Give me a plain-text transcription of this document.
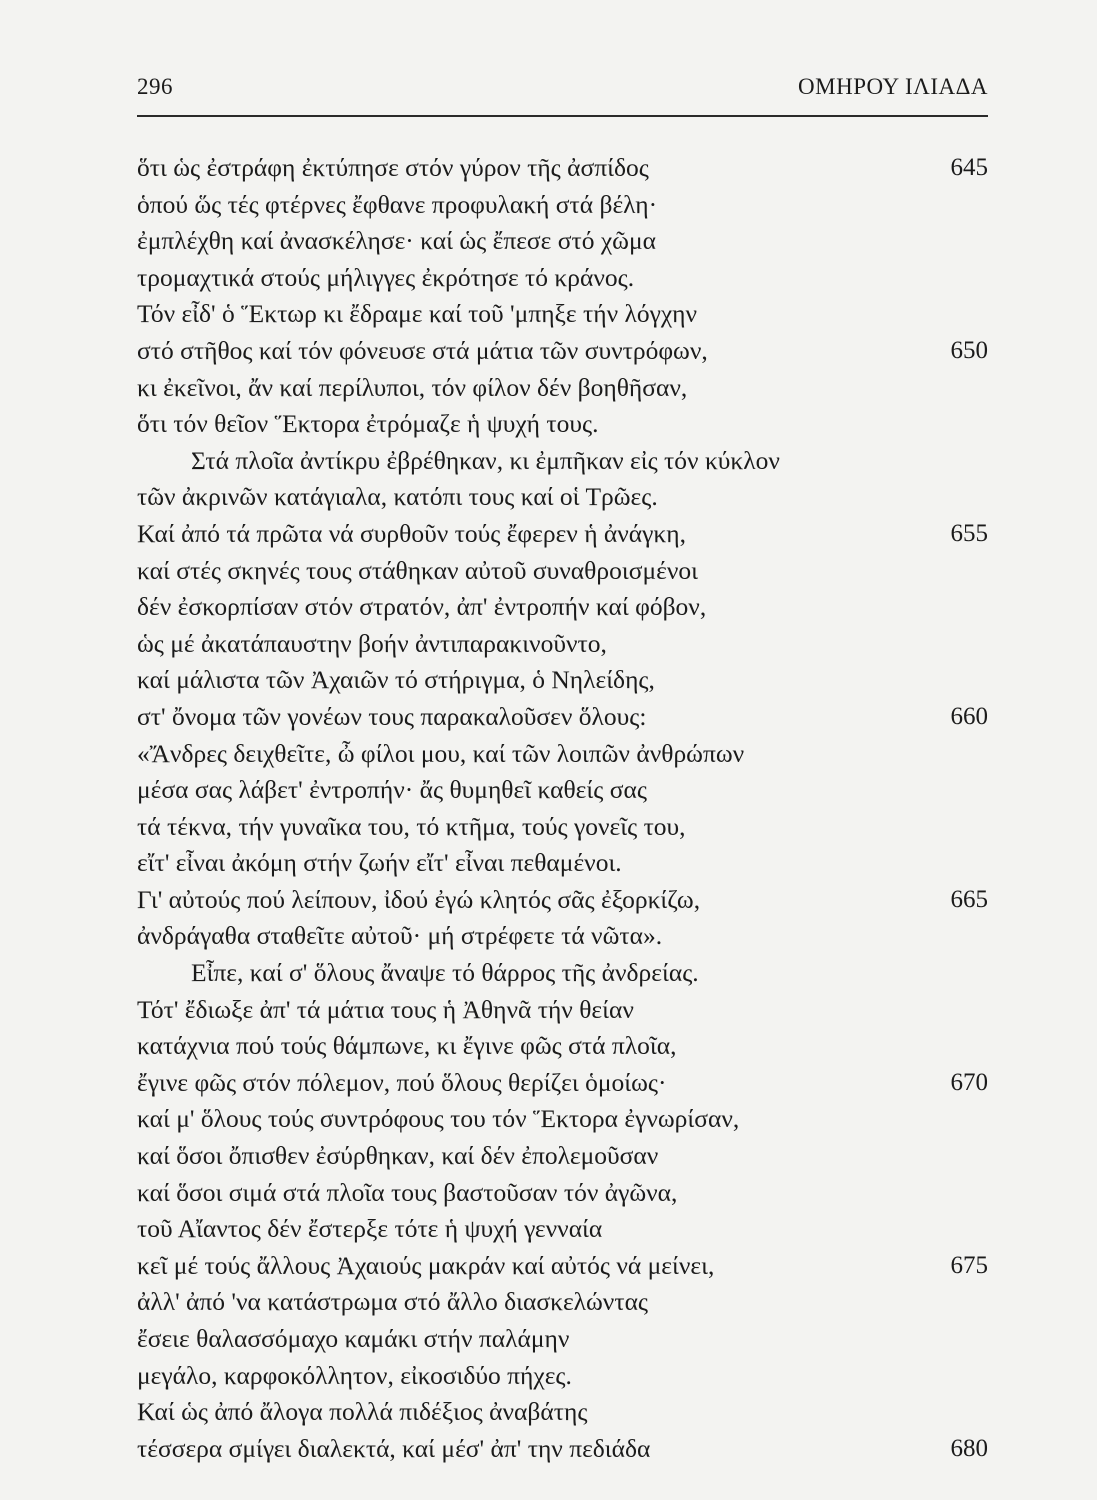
296	ΟΜΗΡΟΥ ΙΛΙΑΔΑ
ὅτι ὡς ἐστράφη ἐκτύπησε στόν γύρον τῆς ἀσπίδος	645
ὁπού ὥς τές φτέρνες ἔφθανε προφυλακή στά βέλη·
ἐμπλέχθη καί ἀνασκέλησε· καί ὡς ἔπεσε στό χῶμα
τρομαχτικά στούς μήλιγγες ἐκρότησε τό κράνος.
Τόν εἶδ' ὁ Ἕκτωρ κι ἔδραμε καί τοῦ 'μπηξε τήν λόγχην
στό στῆθος καί τόν φόνευσε στά μάτια τῶν συντρόφων,	650
κι ἐκεῖνοι, ἄν καί περίλυποι, τόν φίλον δέν βοηθῆσαν,
ὅτι τόν θεῖον Ἕκτορα ἐτρόμαζε ἡ ψυχή τους.
Στά πλοῖα ἀντίκρυ ἐβρέθηκαν, κι ἐμπῆκαν εἰς τόν κύκλον
τῶν ἀκρινῶν κατάγιαλα, κατόπι τους καί οἱ Τρῶες.
Καί ἀπό τά πρῶτα νά συρθοῦν τούς ἔφερεν ἡ ἀνάγκη,	655
καί στές σκηνές τους στάθηκαν αὐτοῦ συναθροισμένοι
δέν ἐσκορπίσαν στόν στρατόν, ἀπ' ἐντροπήν καί φόβον,
ὡς μέ ἀκατάπαυστην βοήν ἀντιπαρακινοῦντο,
καί μάλιστα τῶν Ἀχαιῶν τό στήριγμα, ὁ Νηλείδης,
στ' ὄνομα τῶν γονέων τους παρακαλοῦσεν ὅλους:	660
«Ἄνδρες δειχθεῖτε, ὦ φίλοι μου, καί τῶν λοιπῶν ἀνθρώπων
μέσα σας λάβετ' ἐντροπήν· ἄς θυμηθεῖ καθείς σας
τά τέκνα, τήν γυναῖκα του, τό κτῆμα, τούς γονεῖς του,
εἴτ' εἶναι ἀκόμη στήν ζωήν εἴτ' εἶναι πεθαμένοι.
Γι' αὐτούς πού λείπουν, ἰδού ἐγώ κλητός σᾶς ἐξορκίζω,	665
ἀνδράγαθα σταθεῖτε αὐτοῦ· μή στρέφετε τά νῶτα».
Εἶπε, καί σ' ὅλους ἄναψε τό θάρρος τῆς ἀνδρείας.
Τότ' ἔδιωξε ἀπ' τά μάτια τους ἡ Ἀθηνᾶ τήν θείαν
κατάχνια πού τούς θάμπωνε, κι ἔγινε φῶς στά πλοῖα,
ἔγινε φῶς στόν πόλεμον, πού ὅλους θερίζει ὁμοίως·	670
καί μ' ὅλους τούς συντρόφους του τόν Ἕκτορα ἐγνωρίσαν,
καί ὅσοι ὄπισθεν ἐσύρθηκαν, καί δέν ἐπολεμοῦσαν
καί ὅσοι σιμά στά πλοῖα τους βαστοῦσαν τόν ἀγῶνα,
τοῦ Αἴαντος δέν ἔστερξε τότε ἡ ψυχή γενναία
κεῖ μέ τούς ἄλλους Ἀχαιούς μακράν καί αὐτός νά μείνει,	675
ἀλλ' ἀπό 'να κατάστρωμα στό ἄλλο διασκελώντας
ἔσειε θαλασσόμαχο καμάκι στήν παλάμην
μεγάλο, καρφοκόλλητον, εἰκοσιδύο πήχες.
Καί ὡς ἀπό ἄλογα πολλά πιδέξιος ἀναβάτης
τέσσερα σμίγει διαλεκτά, καί μέσ' ἀπ' την πεδιάδα	680
